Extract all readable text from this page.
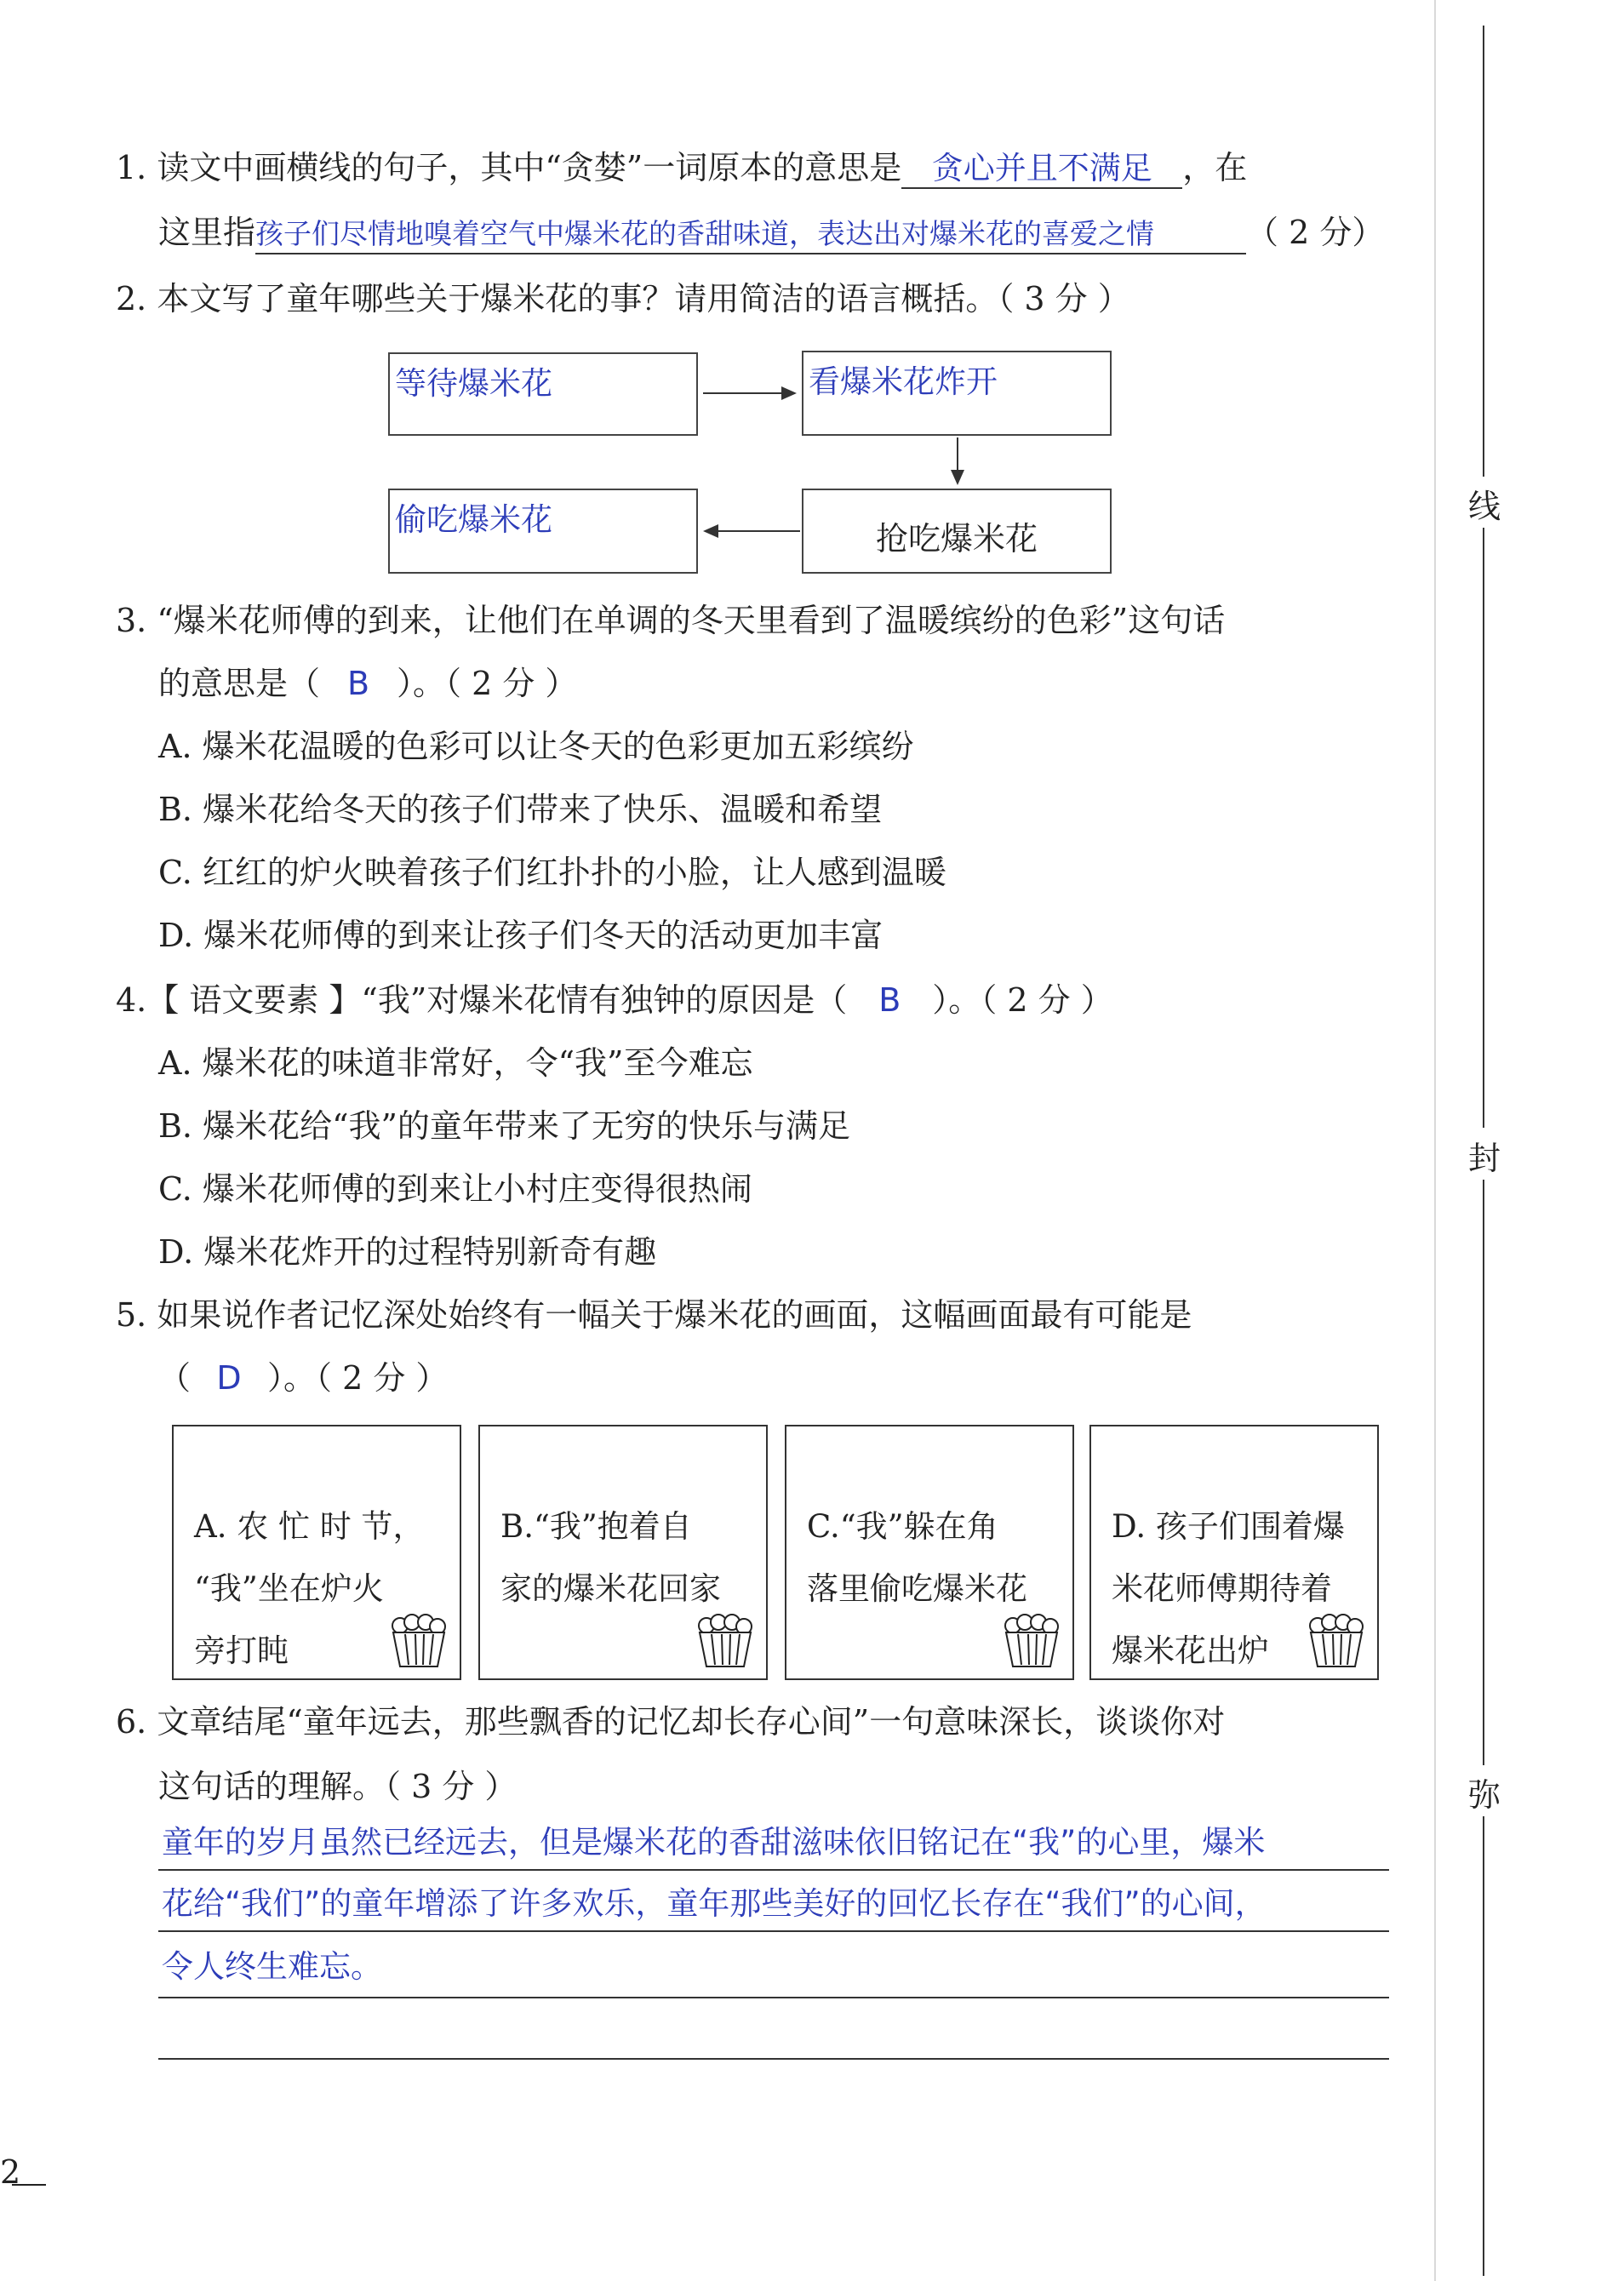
1. 读文中画横线的句子，其中“贪婪”一词原本的意思是 贪心并且不满足 ，在
这里指孩子们尽情地嗅着空气中爆米花的香甜味道，表达出对爆米花的喜爱之情	（ 2 分）
2. 本文写了童年哪些关于爆米花的事？请用简洁的语言概括。（ 3 分 ）
等待爆米花	看爆米花炸开
抢吃爆米花
偷吃爆米花
3. “爆米花师傅的到来，让他们在单调的冬天里看到了温暖缤纷的色彩”这句话
的意思是（ B ）。（ 2 分 ）
A. 爆米花温暖的色彩可以让冬天的色彩更加五彩缤纷
B. 爆米花给冬天的孩子们带来了快乐、温暖和希望
C. 红红的炉火映着孩子们红扑扑的小脸，让人感到温暖
D. 爆米花师傅的到来让孩子们冬天的活动更加丰富
4.【 语文要素 】“我”对爆米花情有独钟的原因是（ B ）。（ 2 分 ）
A. 爆米花的味道非常好，令“我”至今难忘
B. 爆米花给“我”的童年带来了无穷的快乐与满足
C. 爆米花师傅的到来让小村庄变得很热闹
D. 爆米花炸开的过程特别新奇有趣
5. 如果说作者记忆深处始终有一幅关于爆米花的画面，这幅画面最有可能是
（ D ）。（ 2 分 ）

A. 农 忙 时 节，
“我”坐在炉火
旁打盹

B.“我”抱着自
家的爆米花回家

C.“我”躲在角
落里偷吃爆米花

D. 孩子们围着爆
米花师傅期待着
爆米花出炉

6. 文章结尾“童年远去，那些飘香的记忆却长存心间”一句意味深长，谈谈你对
这句话的理解。（ 3 分 ）
童年的岁月虽然已经远去，但是爆米花的香甜滋味依旧铭记在“我”的心里，爆米
花给“我们”的童年增添了许多欢乐，童年那些美好的回忆长存在“我们”的心间，
令人终生难忘。
线
封
弥
2
